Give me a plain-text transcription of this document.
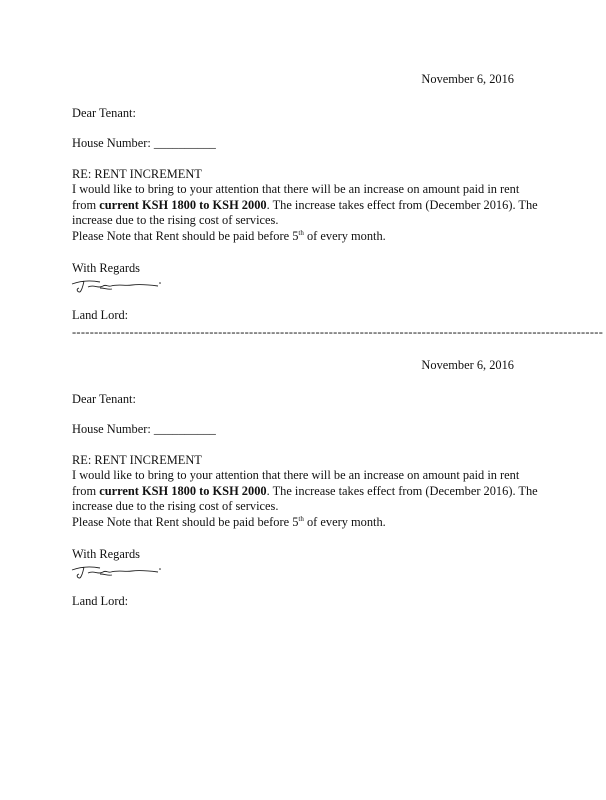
November 6, 2016
Dear Tenant:
House Number: __________
RE: RENT INCREMENT

I would like to bring to your attention that there will be an increase on amount paid in rent from current KSH 1800 to KSH 2000. The increase takes effect from (December 2016). The increase due to the rising cost of services.

Please Note that Rent should be paid before 5th of every month.
With Regards
Land Lord:
------------------------------------------------------------------------------------------------------------------------
November 6, 2016
Dear Tenant:
House Number: __________
RE: RENT INCREMENT

I would like to bring to your attention that there will be an increase on amount paid in rent from current KSH 1800 to KSH 2000. The increase takes effect from (December 2016). The increase due to the rising cost of services.

Please Note that Rent should be paid before 5th of every month.
With Regards
Land Lord:
